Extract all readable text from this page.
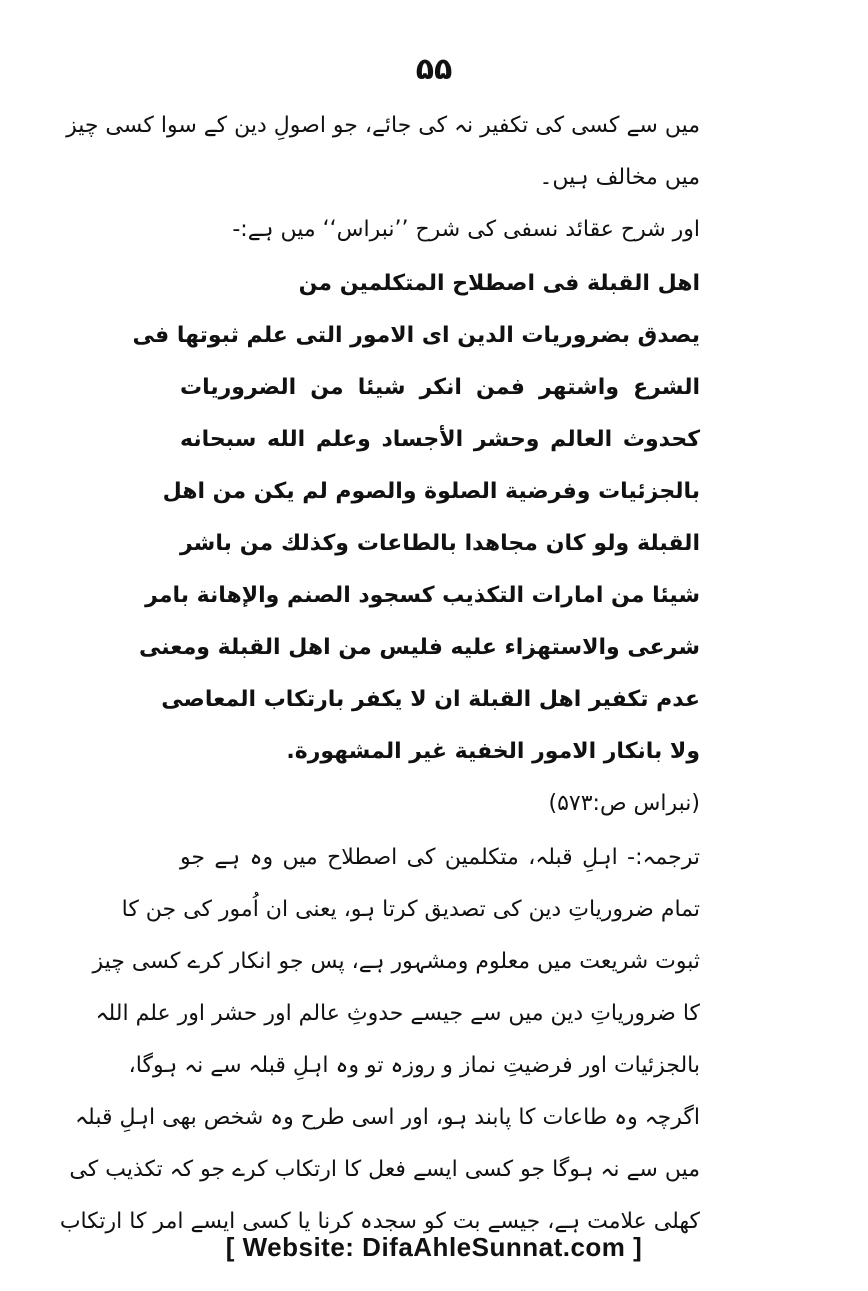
۵۵
میں سے کسی کی تکفیر نہ کی جائے، جو اصولِ دین کے سوا کسی چیز
میں مخالف ہیں۔
اور شرح عقائد نسفی کی شرح ’’نبراس‘‘ میں ہے:-
اهل القبلة فی اصطلاح المتكلمين من
يصدق بضروريات الدين ای الامور التی علم ثبوتها فی
الشرع واشتهر فمن انكر شيئا من الضروريات
كحدوث العالم وحشر الأجساد وعلم الله سبحانه
بالجزئيات وفرضية الصلوة والصوم لم يكن من اهل
القبلة ولو كان مجاهدا بالطاعات وكذلك من باشر
شيئا من امارات التكذيب كسجود الصنم والإهانة بامر
شرعی والاستهزاء عليه فليس من اهل القبلة ومعنی
عدم تكفير اهل القبلة ان لا يكفر بارتكاب المعاصی
ولا بانكار الامور الخفية غير المشهورة.
(نبراس ص:۵۷۳)
ترجمہ:- اہلِ قبلہ، متکلمین کی اصطلاح میں وہ ہے جو
تمام ضروریاتِ دین کی تصدیق کرتا ہو، یعنی ان اُمور کی جن کا
ثبوت شریعت میں معلوم ومشہور ہے، پس جو انکار کرے کسی چیز
کا ضروریاتِ دین میں سے جیسے حدوثِ عالم اور حشر اور علم اللہ
بالجزئیات اور فرضیتِ نماز و روزہ تو وہ اہلِ قبلہ سے نہ ہوگا،
اگرچہ وہ طاعات کا پابند ہو، اور اسی طرح وہ شخص بھی اہلِ قبلہ
میں سے نہ ہوگا جو کسی ایسے فعل کا ارتکاب کرے جو کہ تکذیب کی
کھلی علامت ہے، جیسے بت کو سجدہ کرنا یا کسی ایسے امر کا ارتکاب
[ Website: DifaAhleSunnat.com ]
